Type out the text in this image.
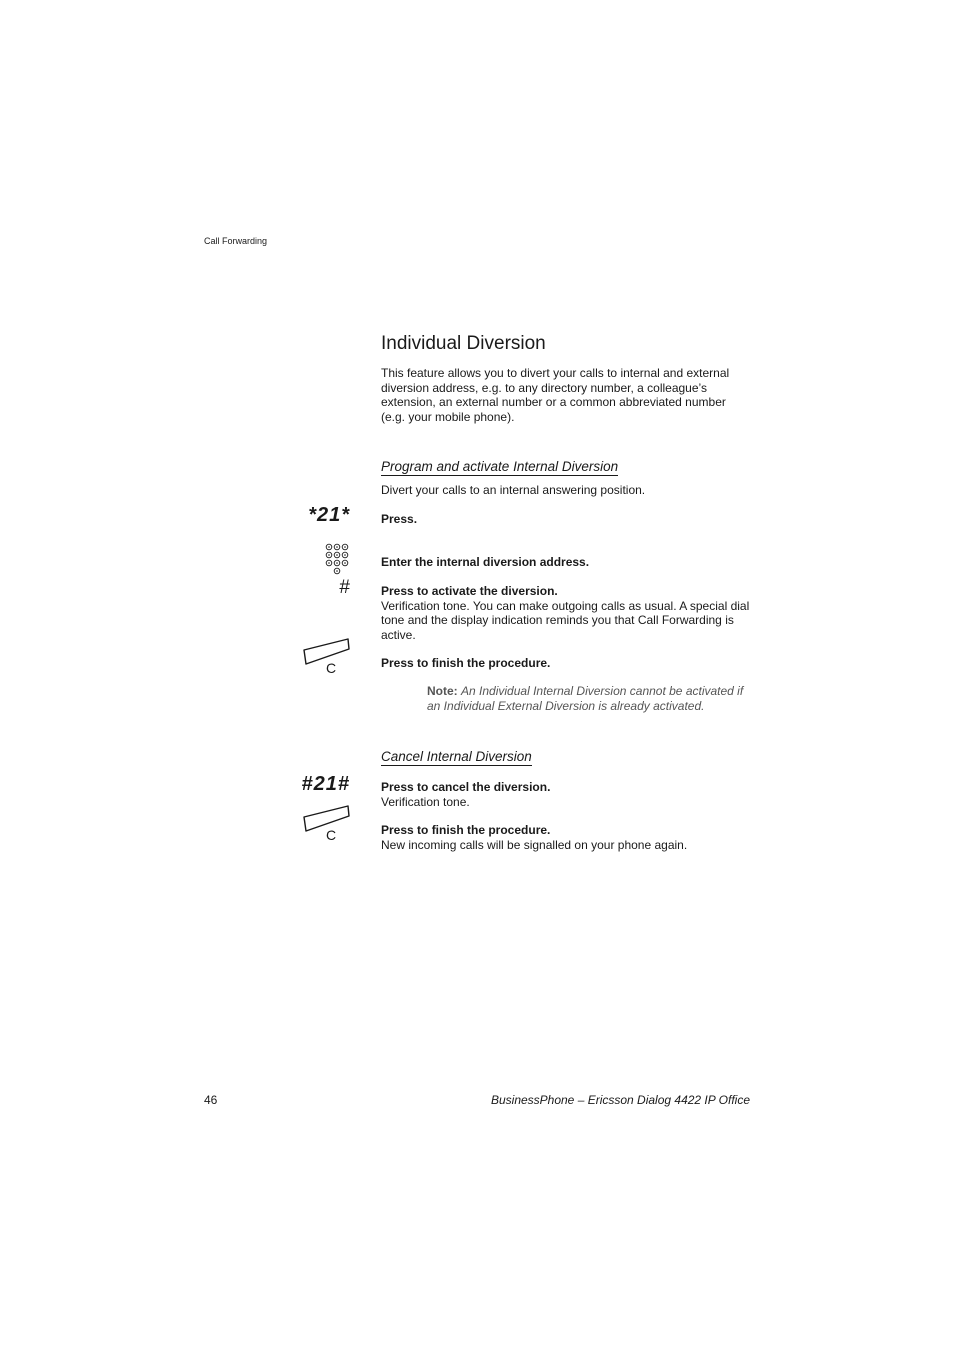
Call Forwarding
Individual Diversion
This feature allows you to divert your calls to internal and external diversion address, e.g. to any directory number, a colleague’s extension, an external number or a common abbreviated number (e.g. your mobile phone).
Program and activate Internal Diversion
Divert your calls to an internal answering position.
*21*	Press.
Enter the internal diversion address.
#	Press to activate the diversion.
Verification tone. You can make outgoing calls as usual. A special dial tone and the display indication reminds you that Call Forwarding is active.
C	Press to finish the procedure.
Note: An Individual Internal Diversion cannot be activated if an Individual External Diversion is already activated.
Cancel Internal Diversion
#21#	Press to cancel the diversion.
Verification tone.
C	Press to finish the procedure.
New incoming calls will be signalled on your phone again.
46	BusinessPhone – Ericsson Dialog 4422 IP Office
